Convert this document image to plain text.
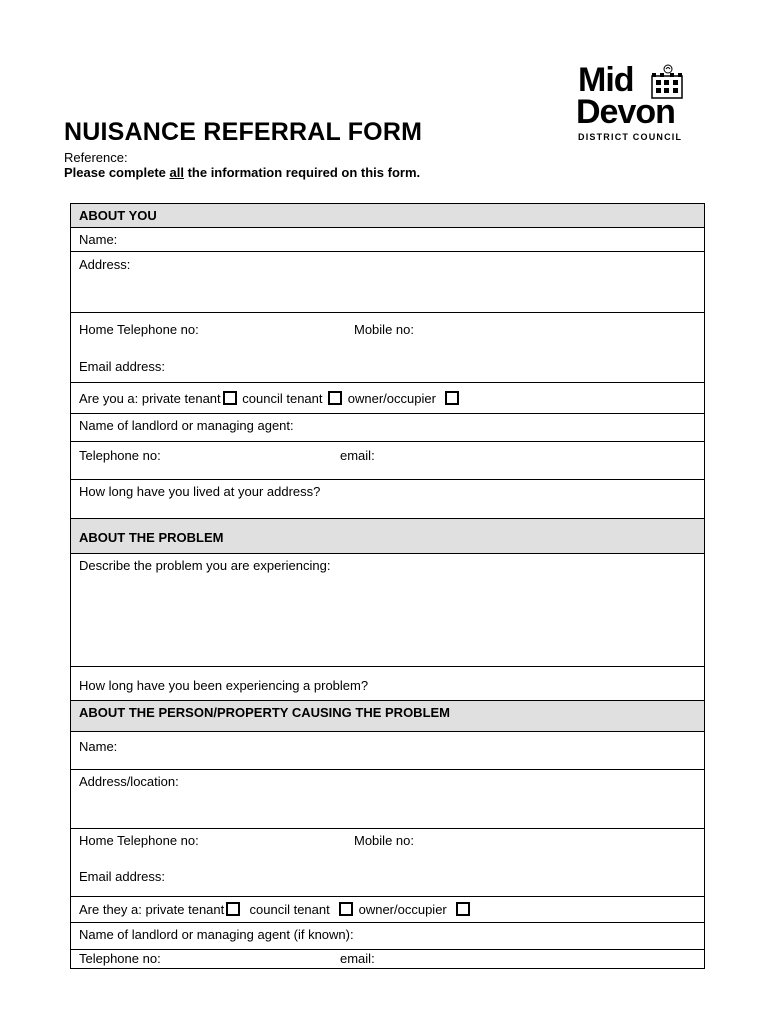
Mid
Devon
DISTRICT COUNCIL
NUISANCE REFERRAL FORM
Reference:
Please complete all the information required on this form.
ABOUT YOU
Name:
Address:
Home Telephone no:	Mobile no:
Email address:
Are you a: private tenant council tenant owner/occupier
Name of landlord or managing agent:
Telephone no:	email:
How long have you lived at your address?
ABOUT THE PROBLEM
Describe the problem you are experiencing:
How long have you been experiencing a problem?
ABOUT THE PERSON/PROPERTY CAUSING THE PROBLEM
Name:
Address/location:
Home Telephone no:	Mobile no:
Email address:
Are they a: private tenant council tenant owner/occupier
Name of landlord or managing agent (if known):
Telephone no:	email:
